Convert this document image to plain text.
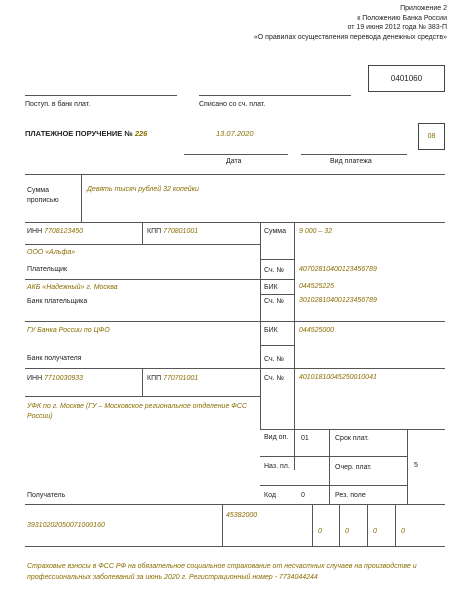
Приложение 2
к Положению Банка России
от 19 июня 2012 года № 383-П
«О правилах осуществления перевода денежных средств»
0401060
Поступ. в банк плат.	Списано со сч. плат.
ПЛАТЕЖНОЕ ПОРУЧЕНИЕ № 226	13.07.2020
Дата	Вид платежа
08
Сумма прописью
Девять тысяч рублей 32 копейки
ИНН 7708123450	КПП 770801001	Сумма 9 000 – 32
ООО «Альфа»
Плательщик	Сч. № 40702810400123456789
АКБ «Надежный» г. Москва
Банк плательщика
БИК	044525225
Сч. № 30102810400123456789
ГУ Банка России по ЦФО
Банк получателя
БИК	044525000
Сч. №
ИНН 7710030933	КПП 770701001	Сч. № 40101810045250010041
УФК по г. Москве (ГУ – Московское региональное отделение ФСС России)
Вид оп.	01	Срок плат.
Наз. пл.	Очер. плат.	5
Получатель	Код	0	Рез. поле
39310202050071000160
45382000
0	0	0	0
Страховые взносы в ФСС РФ на обязательное социальное страхование от несчастных случаев на производстве и профессиональных заболеваний за июнь 2020 г. Регистрационный номер - 7734044244
